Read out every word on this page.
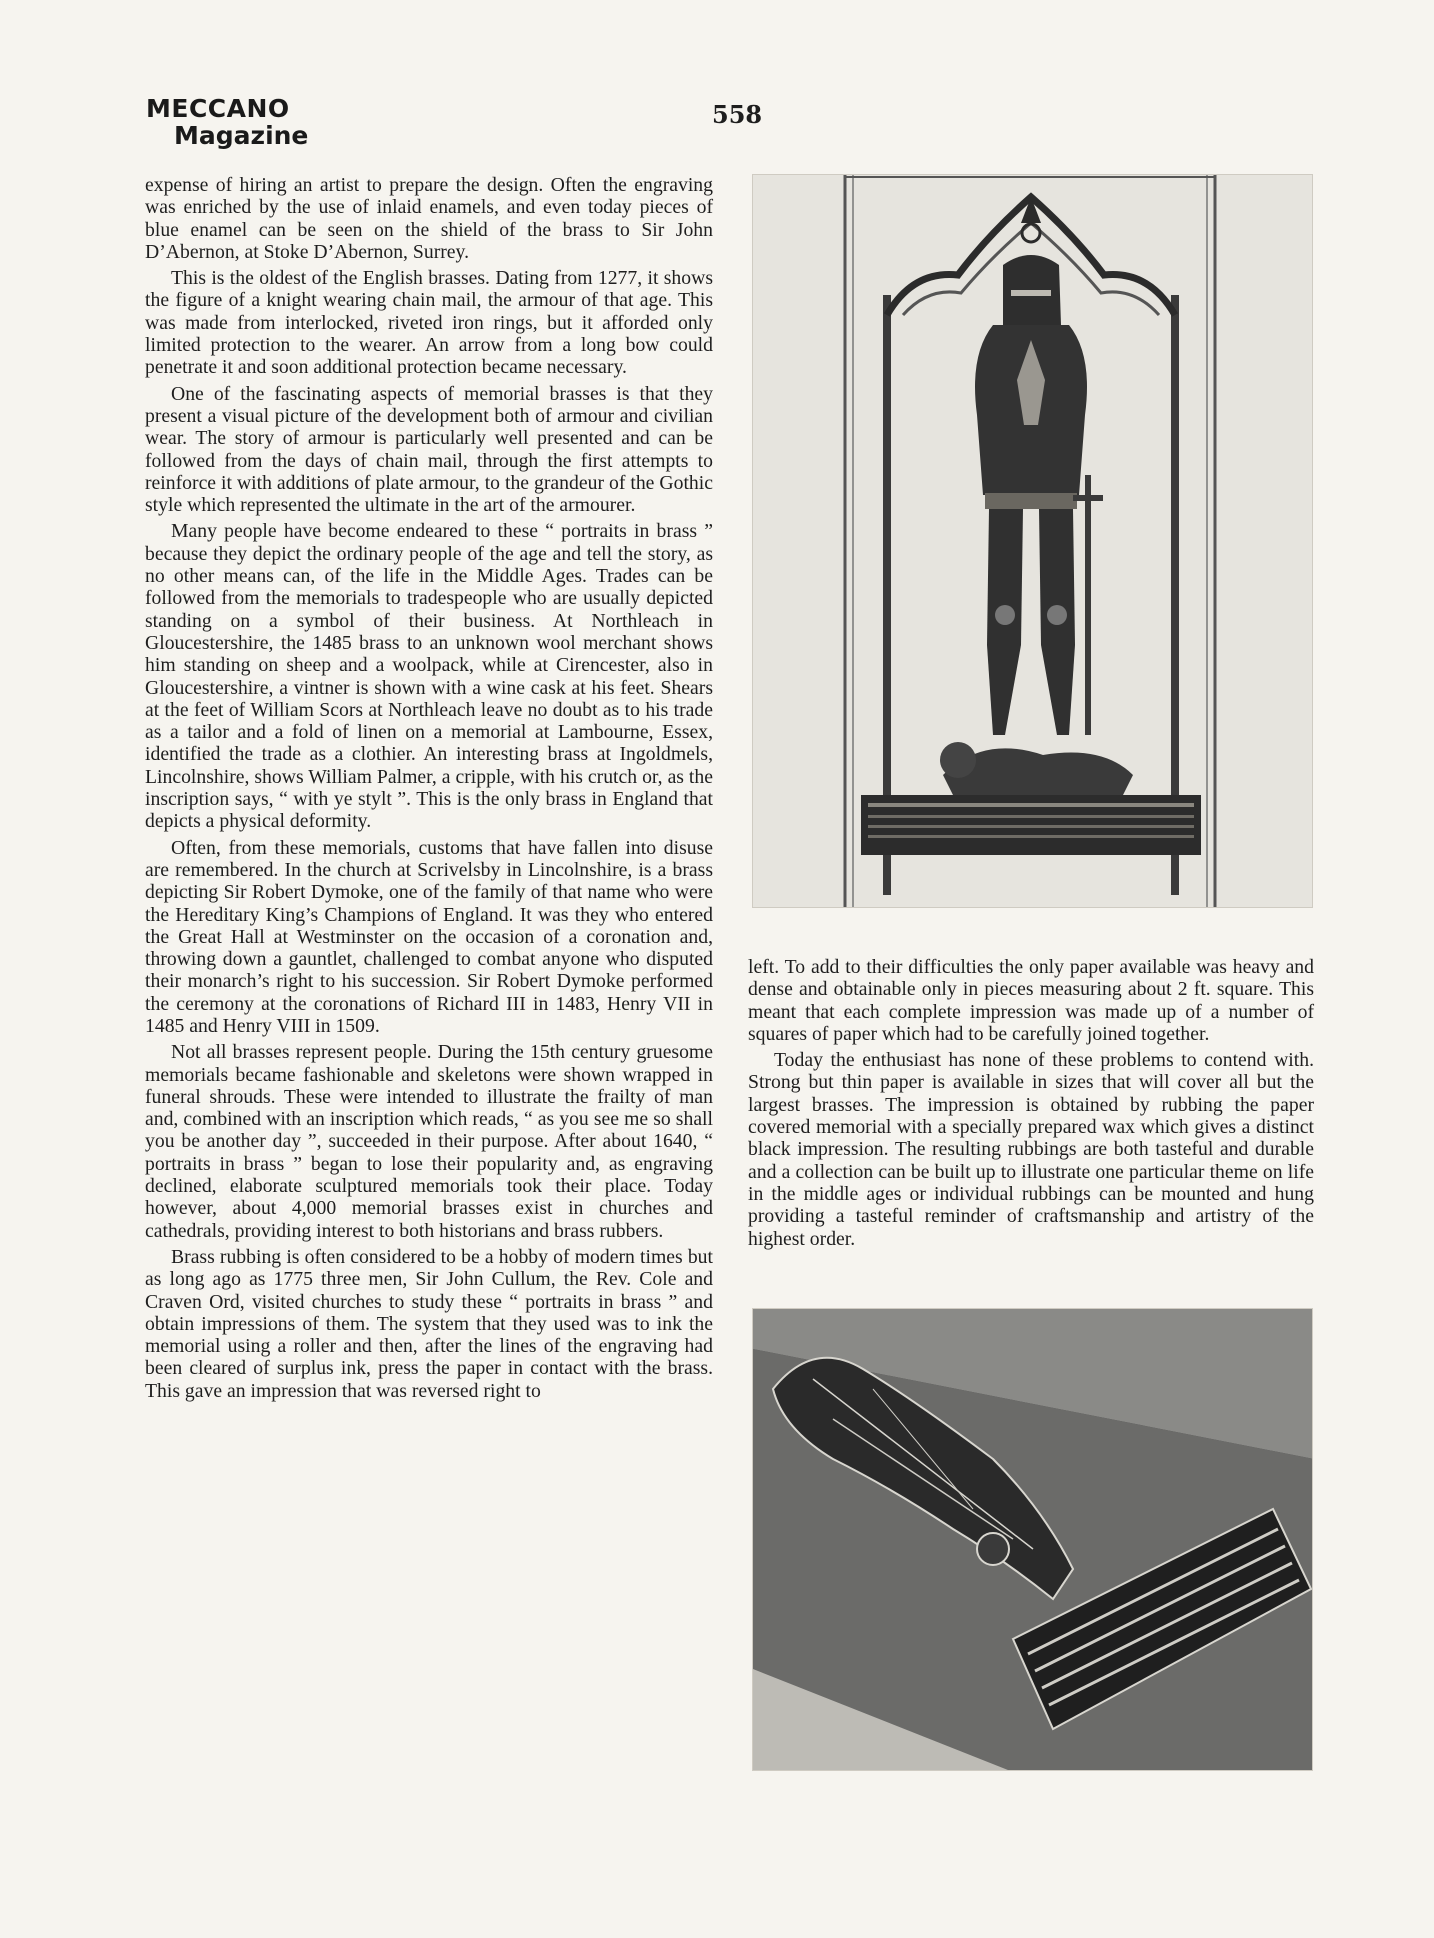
MECCANO
Magazine
558

expense of hiring an artist to prepare the design. Often the engraving was enriched by the use of inlaid enamels, and even today pieces of blue enamel can be seen on the shield of the brass to Sir John D’Abernon, at Stoke D’Abernon, Surrey.

This is the oldest of the English brasses. Dating from 1277, it shows the figure of a knight wearing chain mail, the armour of that age. This was made from interlocked, riveted iron rings, but it afforded only limited protection to the wearer. An arrow from a long bow could penetrate it and soon additional protection became necessary.

One of the fascinating aspects of memorial brasses is that they present a visual picture of the development both of armour and civilian wear. The story of armour is particularly well presented and can be followed from the days of chain mail, through the first attempts to reinforce it with additions of plate armour, to the grandeur of the Gothic style which represented the ultimate in the art of the armourer.

Many people have become endeared to these “ portraits in brass ” because they depict the ordinary people of the age and tell the story, as no other means can, of the life in the Middle Ages. Trades can be followed from the memorials to tradespeople who are usually depicted standing on a symbol of their business. At Northleach in Gloucestershire, the 1485 brass to an unknown wool merchant shows him standing on sheep and a woolpack, while at Cirencester, also in Gloucestershire, a vintner is shown with a wine cask at his feet. Shears at the feet of William Scors at Northleach leave no doubt as to his trade as a tailor and a fold of linen on a memorial at Lambourne, Essex, identified the trade as a clothier. An interesting brass at Ingoldmels, Lincolnshire, shows William Palmer, a cripple, with his crutch or, as the inscription says, “ with ye stylt ”. This is the only brass in England that depicts a physical deformity.

Often, from these memorials, customs that have fallen into disuse are remembered. In the church at Scrivelsby in Lincolnshire, is a brass depicting Sir Robert Dymoke, one of the family of that name who were the Hereditary King’s Champions of England. It was they who entered the Great Hall at Westminster on the occasion of a coronation and, throwing down a gauntlet, challenged to combat anyone who disputed their monarch’s right to his succession. Sir Robert Dymoke performed the ceremony at the coronations of Richard III in 1483, Henry VII in 1485 and Henry VIII in 1509.

Not all brasses represent people. During the 15th century gruesome memorials became fashionable and skeletons were shown wrapped in funeral shrouds. These were intended to illustrate the frailty of man and, combined with an inscription which reads, “ as you see me so shall you be another day ”, succeeded in their purpose. After about 1640, “ portraits in brass ” began to lose their popularity and, as engraving declined, elaborate sculptured memorials took their place. Today however, about 4,000 memorial brasses exist in churches and cathedrals, providing interest to both historians and brass rubbers.

Brass rubbing is often considered to be a hobby of modern times but as long ago as 1775 three men, Sir John Cullum, the Rev. Cole and Craven Ord, visited churches to study these “ portraits in brass ” and obtain impressions of them. The system that they used was to ink the memorial using a roller and then, after the lines of the engraving had been cleared of surplus ink, press the paper in contact with the brass. This gave an impression that was reversed right to

left. To add to their difficulties the only paper available was heavy and dense and obtainable only in pieces measuring about 2 ft. square. This meant that each complete impression was made up of a number of squares of paper which had to be carefully joined together.

Today the enthusiast has none of these problems to contend with. Strong but thin paper is available in sizes that will cover all but the largest brasses. The impression is obtained by rubbing the paper covered memorial with a specially prepared wax which gives a distinct black impression. The resulting rubbings are both tasteful and durable and a collection can be built up to illustrate one particular theme on life in the middle ages or individual rubbings can be mounted and hung providing a tasteful reminder of craftsmanship and artistry of the highest order.
